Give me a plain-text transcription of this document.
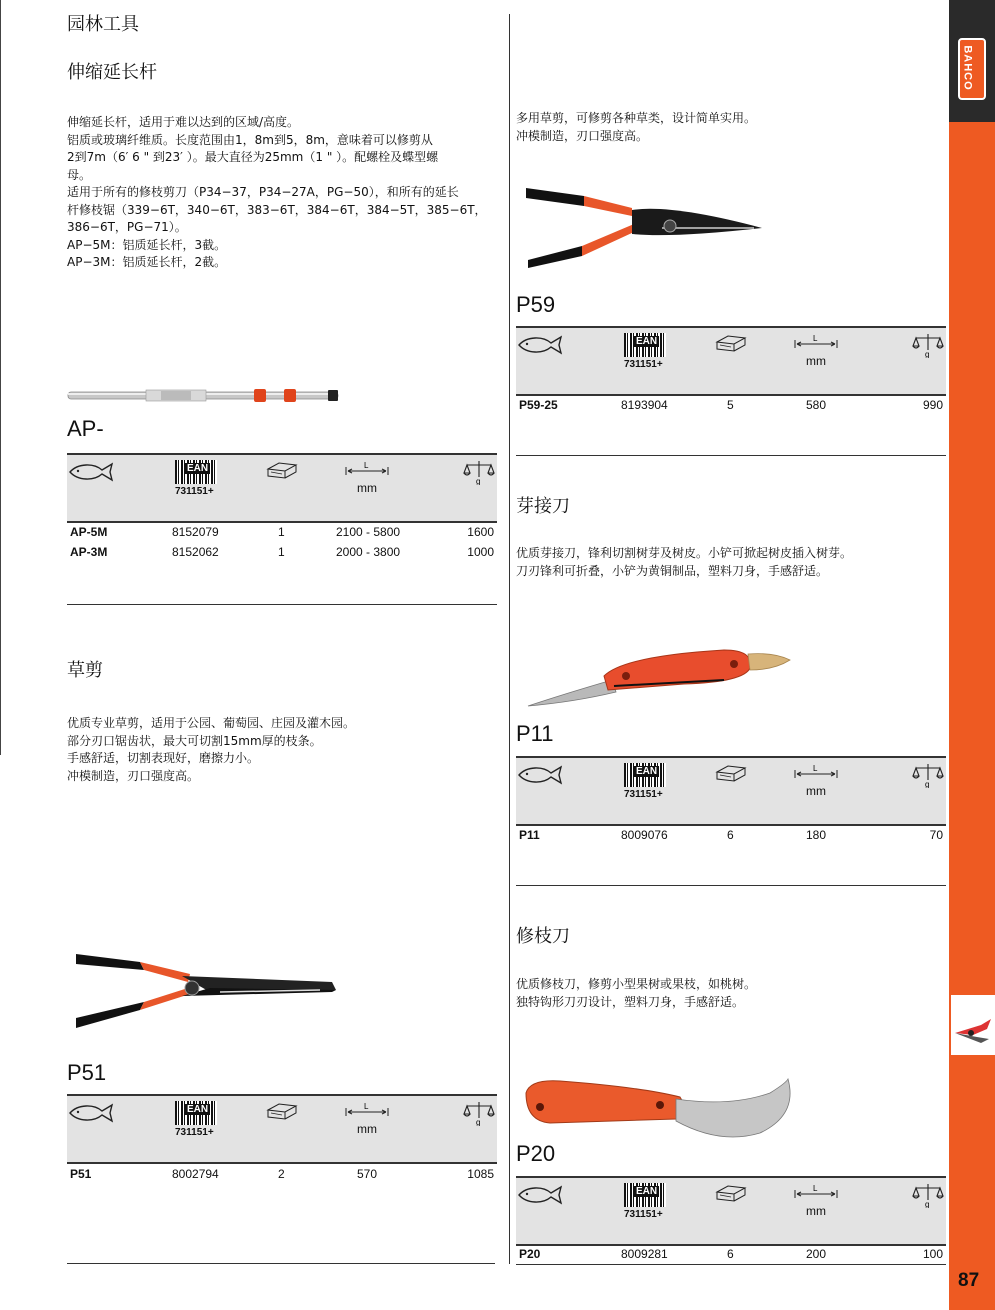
BAHCO
87
园林工具
伸缩延长杆
伸缩延长杆，适用于难以达到的区域/高度。
铝质或玻璃纤维质。长度范围由1，8m到5，8m，意味着可以修剪从
2到7m（6′ 6 " 到23′ ）。最大直径为25mm（1 " ）。配螺栓及蝶型螺
母。
适用于所有的修枝剪刀（P34−37，P34−27A，PG−50），和所有的延长
杆修枝锯（339−6T，340−6T，383−6T，384−6T，384−5T，385−6T，
386−6T，PG−71）。
AP−5M：铝质延长杆，3截。
AP−3M：铝质延长杆，2截。
AP-
EAN
731151+
L
mm	g
AP-5M	8152079	1	2100 - 5800	1600
AP-3M	8152062	1	2000 - 3800	1000
草剪
优质专业草剪，适用于公园、葡萄园、庄园及灌木园。
部分刃口锯齿状，最大可切割15mm厚的枝条。
手感舒适，切割表现好，磨擦力小。
冲模制造，刃口强度高。
P51
EAN
731151+
L
mm	g
P51	8002794	2	570	1085
多用草剪，可修剪各种草类，设计简单实用。
冲模制造，刃口强度高。
P59
EAN
731151+
L
mm	g
P59-25	8193904	5	580	990
芽接刀
优质芽接刀，锋利切割树芽及树皮。小铲可掀起树皮插入树芽。
刀刃锋利可折叠，小铲为黄铜制品，塑料刀身，手感舒适。
P11
EAN
731151+
L
mm	g
P11	8009076	6	180	70
修枝刀
优质修枝刀，修剪小型果树或果枝，如桃树。
独特钩形刀刃设计，塑料刀身，手感舒适。
P20
EAN
731151+
L
mm	g
P20	8009281	6	200	100
